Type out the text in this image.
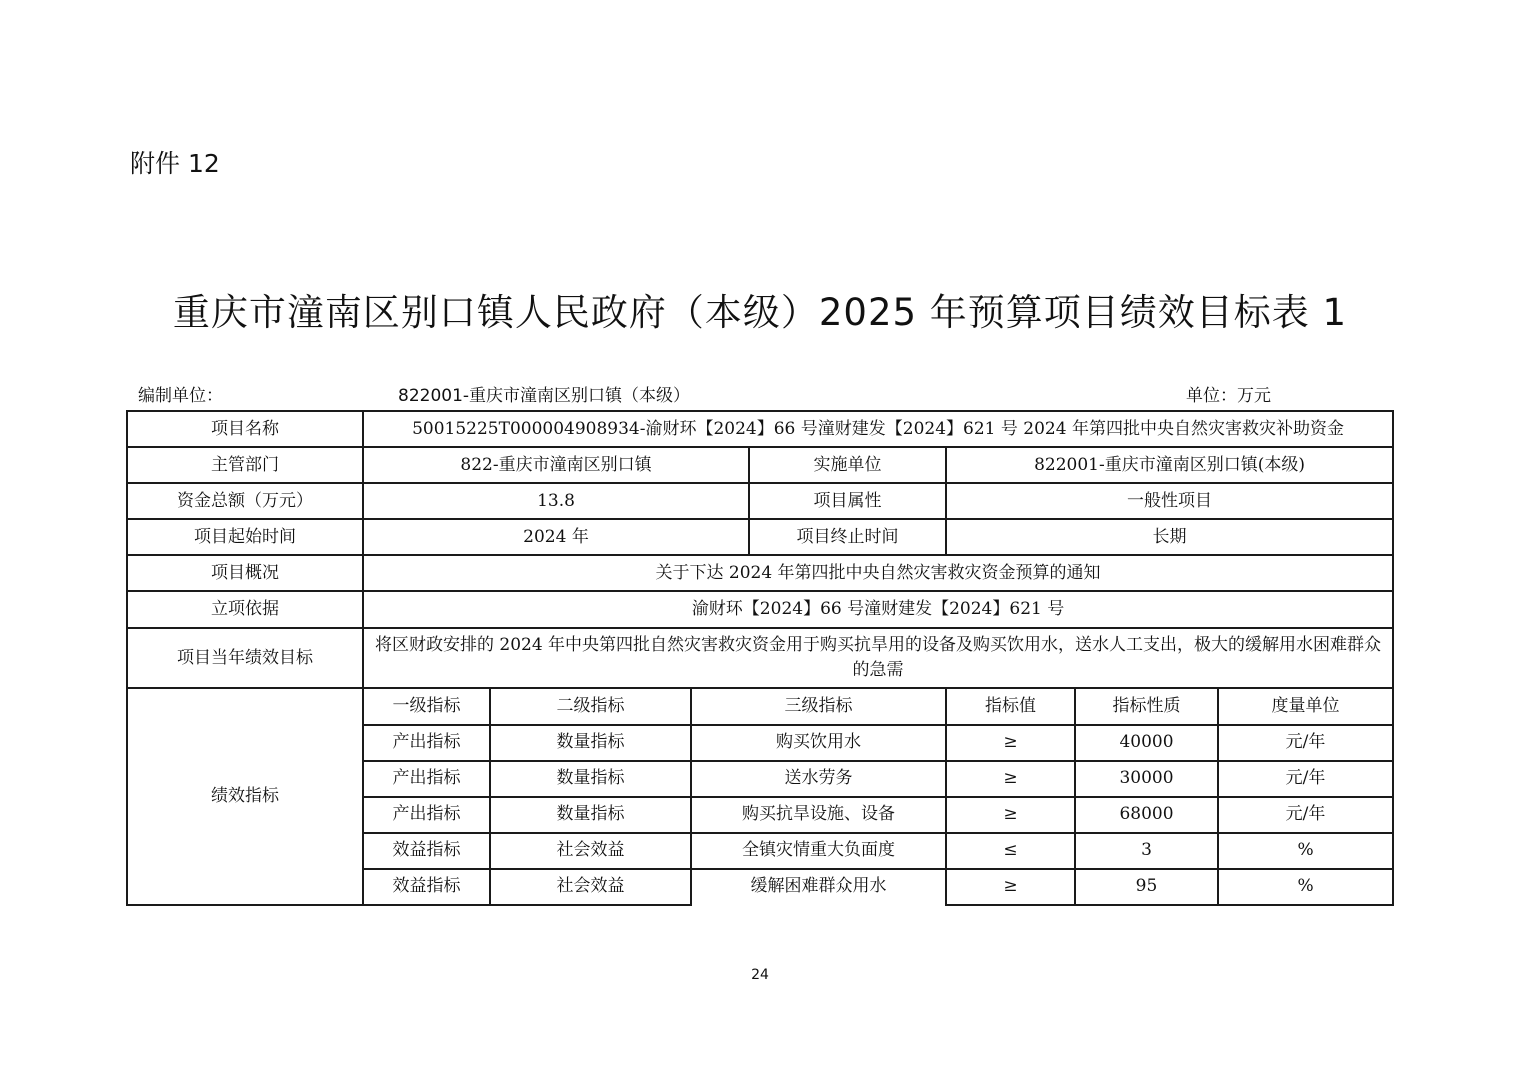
附件 12
重庆市潼南区别口镇人民政府（本级）2025 年预算项目绩效目标表 1
编制单位：	822001-重庆市潼南区别口镇（本级）	单位：万元
项目名称	50015225T000004908934-渝财环【2024】66 号潼财建发【2024】621 号 2024 年第四批中央自然灾害救灾补助资金						
主管部门	822-重庆市潼南区别口镇			实施单位	822001-重庆市潼南区别口镇(本级)		
资金总额（万元）	13.8			项目属性	一般性项目		
项目起始时间	2024 年			项目终止时间	长期		
项目概况	关于下达 2024 年第四批中央自然灾害救灾资金预算的通知						
立项依据	渝财环【2024】66 号潼财建发【2024】621 号						
项目当年绩效目标	将区财政安排的 2024 年中央第四批自然灾害救灾资金用于购买抗旱用的设备及购买饮用水，送水人工支出，极大的缓解用水困难群众的急需						
绩效指标	一级指标	二级指标	三级指标		指标值	指标性质	度量单位
	产出指标	数量指标	购买饮用水		≥	40000	元/年
	产出指标	数量指标	送水劳务		≥	30000	元/年
	产出指标	数量指标	购买抗旱设施、设备		≥	68000	元/年
	效益指标	社会效益	全镇灾情重大负面度		≤	3	%
	效益指标	社会效益	缓解困难群众用水		≥	95	%
24
